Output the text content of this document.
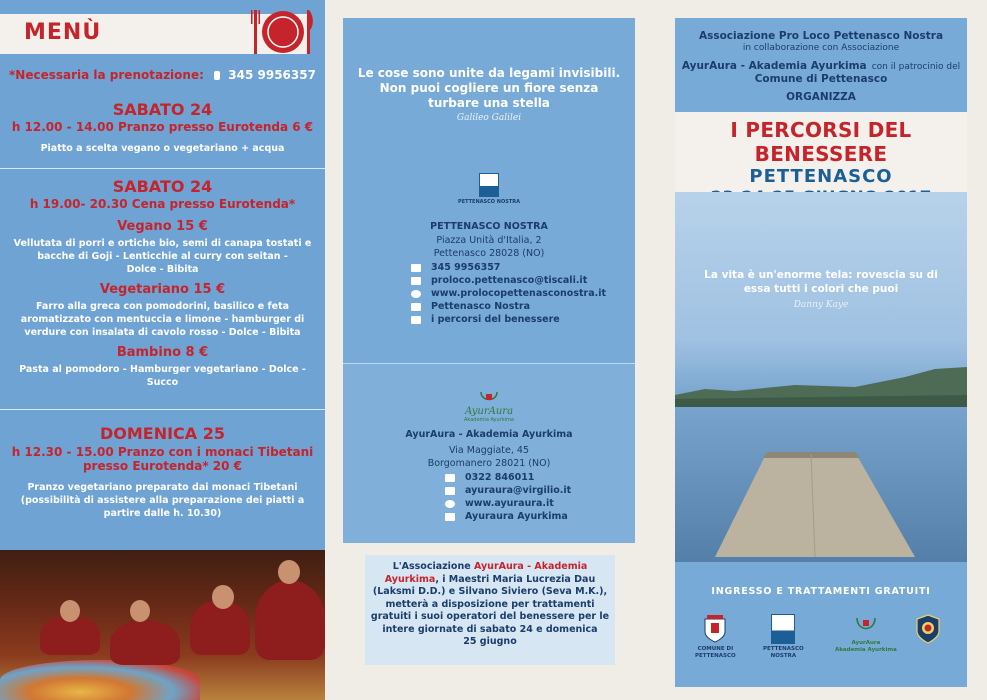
MENÙ
*Necessaria la prenotazione: 345 9956357
SABATO 24
h 12.00 - 14.00 Pranzo presso Eurotenda 6 €
Piatto a scelta vegano o vegetariano + acqua
SABATO 24
h 19.00- 20.30 Cena presso Eurotenda*
Vegano 15 €
Vellutata di porri e ortiche bio, semi di canapa tostati e
bacche di Goji - Lenticchie al curry con seitan -
Dolce - Bibita
Vegetariano 15 €
Farro alla greca con pomodorini, basilico e feta
aromatizzato con mentuccia e limone - hamburger di
verdure con insalata di cavolo rosso - Dolce - Bibita
Bambino 8 €
Pasta al pomodoro - Hamburger vegetariano - Dolce -
Succo
DOMENICA 25
h 12.30 - 15.00 Pranzo con i monaci Tibetani
presso Eurotenda* 20 €
Pranzo vegetariano preparato dai monaci Tibetani
(possibilità di assistere alla preparazione dei piatti a
partire dalle h. 10.30)
Le cose sono unite da legami invisibili.
Non puoi cogliere un fiore senza
turbare una stella
Galileo Galilei
PETTENASCO NOSTRA
PETTENASCO NOSTRA
Piazza Unità d'Italia, 2
Pettenasco 28028 (NO)
345 9956357
proloco.pettenasco@tiscali.it
www.prolocopettenasconostra.it
Pettenasco Nostra
i percorsi del benessere
AyurAura
Akademia Ayurkima
AyurAura - Akademia Ayurkima
Via Maggiate, 45
Borgomanero 28021 (NO)
0322 846011
ayuraura@virgilio.it
www.ayuraura.it
Ayuraura Ayurkima
L'Associazione AyurAura - Akademia
Ayurkima, i Maestri Maria Lucrezia Dau
(Laksmi D.D.) e Silvano Siviero (Seva M.K.),
metterà a disposizione per trattamenti
gratuiti i suoi operatori del benessere per le
intere giornate di sabato 24 e domenica
25 giugno
Associazione Pro Loco Pettenasco Nostra
in collaborazione con Associazione
AyurAura - Akademia Ayurkima con il patrocinio del
Comune di Pettenasco
ORGANIZZA
I PERCORSI DEL BENESSERE
PETTENASCO
La vita è un'enorme tela: rovescia su di
essa tutti i colori che puoi
Danny Kaye
INGRESSO E TRATTAMENTI GRATUITI
COMUNE DI
PETTENASCO
PETTENASCO
NOSTRA
AyurAura
Akademia Ayurkima
